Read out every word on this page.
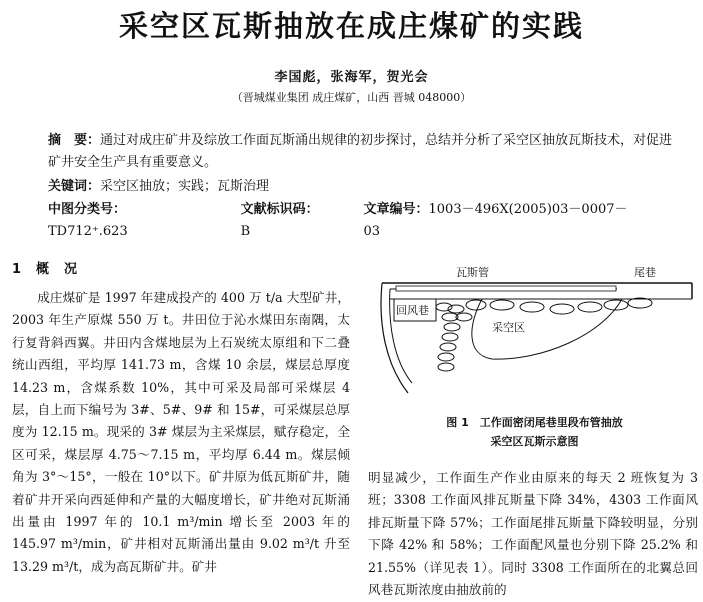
采空区瓦斯抽放在成庄煤矿的实践
李国彪，张海军，贺光会
（晋城煤业集团 成庄煤矿，山西 晋城 048000）
摘　要：通过对成庄矿井及综放工作面瓦斯涌出规律的初步探讨，总结并分析了采空区抽放瓦斯技术，对促进矿井安全生产具有重要意义。
关键词：采空区抽放；实践；瓦斯治理
中图分类号：TD712⁺.623
文献标识码：B
文章编号：1003－496X(2005)03－0007－03
1　概　况
成庄煤矿是 1997 年建成投产的 400 万 t/a 大型矿井，2003 年生产原煤 550 万 t。井田位于沁水煤田东南隅，太行复背斜西翼。井田内含煤地层为上石炭统太原组和下二叠统山西组，平均厚 141.73 m，含煤 10 余层，煤层总厚度 14.23 m，含煤系数 10%，其中可采及局部可采煤层 4 层，自上而下编号为 3#、5#、9# 和 15#，可采煤层总厚度为 12.15 m。现采的 3# 煤层为主采煤层，赋存稳定，全区可采，煤层厚 4.75～7.15 m，平均厚 6.44 m。煤层倾角为 3°～15°，一般在 10°以下。矿井原为低瓦斯矿井，随着矿井开采向西延伸和产量的大幅度增长，矿井绝对瓦斯涌出量由 1997 年的 10.1 m³/min 增长至 2003 年的 145.97 m³/min，矿井相对瓦斯涌出量由 9.02 m³/t 升至 13.29 m³/t，成为高瓦斯矿井。矿井
瓦斯管	尾巷
回风巷
采空区
图 1　工作面密闭尾巷里段布管抽放
采空区瓦斯示意图
明显减少，工作面生产作业由原来的每天 2 班恢复为 3 班；3308 工作面风排瓦斯量下降 34%，4303 工作面风排瓦斯量下降 57%；工作面尾排瓦斯量下降较明显，分别下降 42% 和 58%；工作面配风量也分别下降 25.2% 和 21.55%（详见表 1）。同时 3308 工作面所在的北翼总回风巷瓦斯浓度由抽放前的
